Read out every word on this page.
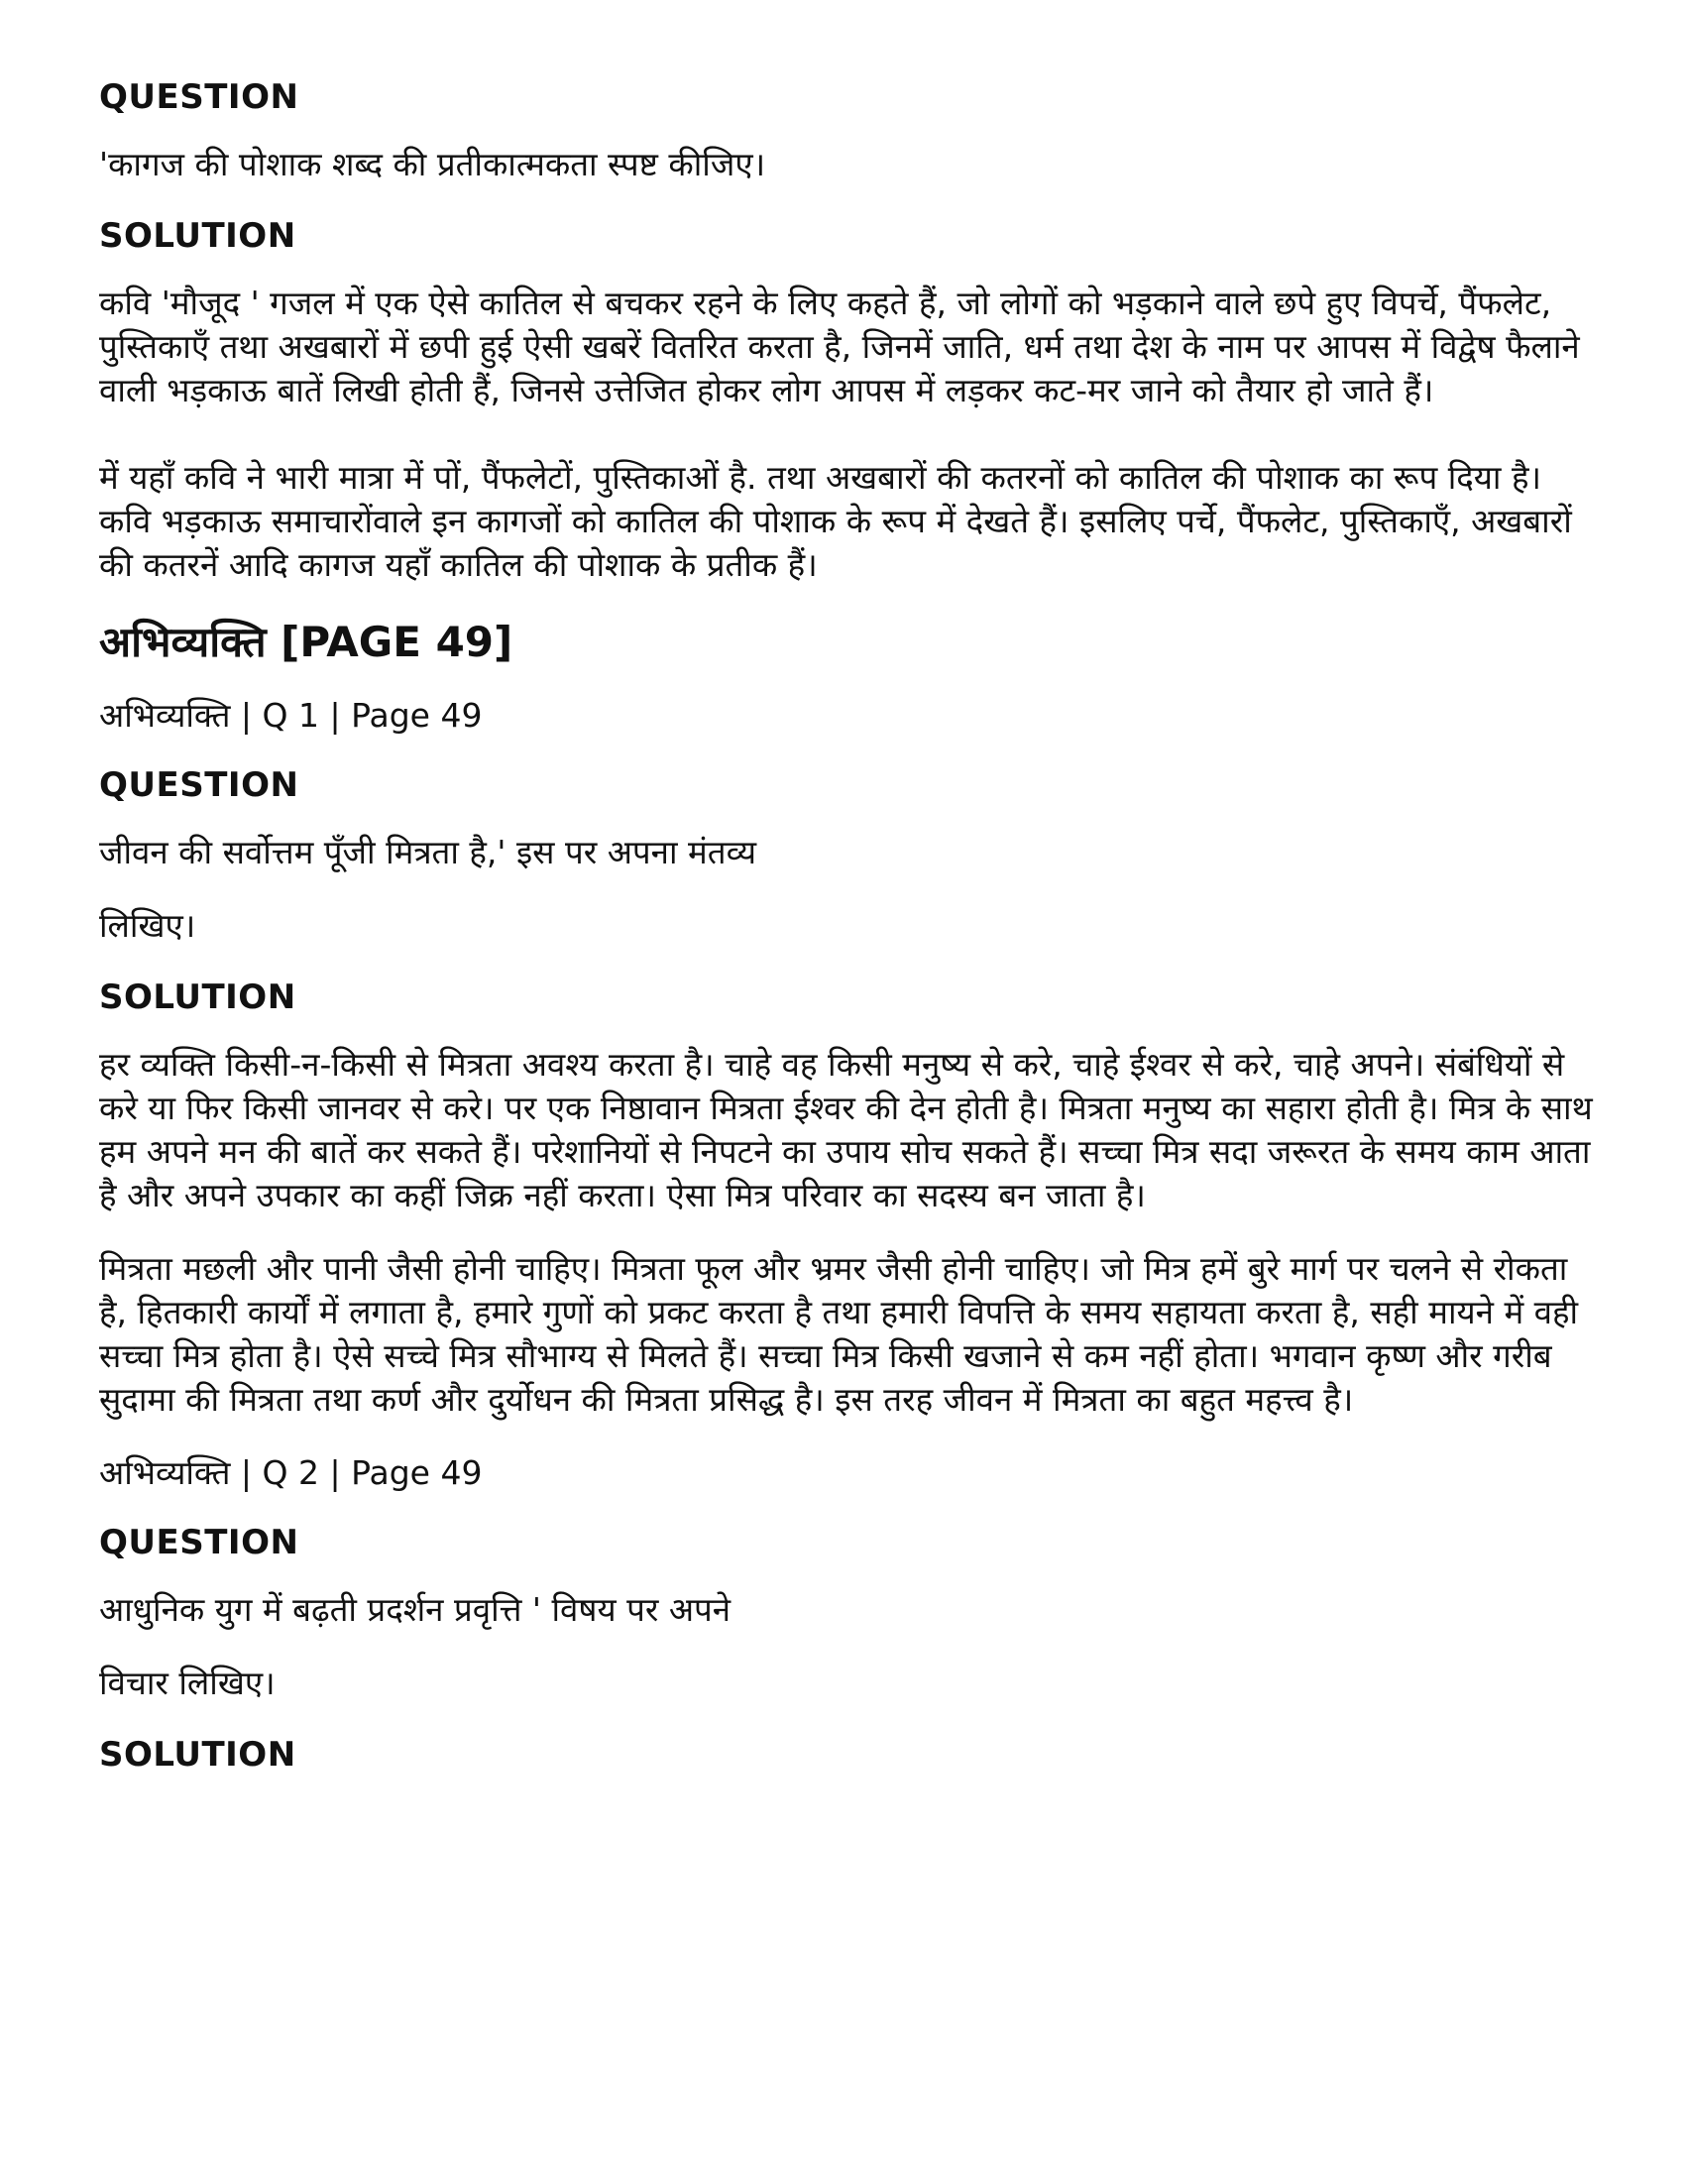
QUESTION
'कागज की पोशाक शब्द की प्रतीकात्मकता स्पष्ट कीजिए।
SOLUTION
कवि 'मौजूद ' गजल में एक ऐसे कातिल से बचकर रहने के लिए कहते हैं, जो लोगों को भड़काने वाले छपे हुए विपर्चे, पैंफलेट, पुस्तिकाएँ तथा अखबारों में छपी हुई ऐसी खबरें वितरित करता है, जिनमें जाति, धर्म तथा देश के नाम पर आपस में विद्वेष फैलाने वाली भड़काऊ बातें लिखी होती हैं, जिनसे उत्तेजित होकर लोग आपस में लड़कर कट-मर जाने को तैयार हो जाते हैं।
में यहाँ कवि ने भारी मात्रा में पों, पैंफलेटों, पुस्तिकाओं है. तथा अखबारों की कतरनों को कातिल की पोशाक का रूप दिया है। कवि भड़काऊ समाचारोंवाले इन कागजों को कातिल की पोशाक के रूप में देखते हैं। इसलिए पर्चे, पैंफलेट, पुस्तिकाएँ, अखबारों की कतरनें आदि कागज यहाँ कातिल की पोशाक के प्रतीक हैं।
अभिव्यक्ति [PAGE 49]
अभिव्यक्ति | Q 1 | Page 49
QUESTION
जीवन की सर्वोत्तम पूँजी मित्रता है,' इस पर अपना मंतव्य
लिखिए।
SOLUTION
हर व्यक्ति किसी-न-किसी से मित्रता अवश्य करता है। चाहे वह किसी मनुष्य से करे, चाहे ईश्वर से करे, चाहे अपने। संबंधियों से करे या फिर किसी जानवर से करे। पर एक निष्ठावान मित्रता ईश्वर की देन होती है। मित्रता मनुष्य का सहारा होती है। मित्र के साथ हम अपने मन की बातें कर सकते हैं। परेशानियों से निपटने का उपाय सोच सकते हैं। सच्चा मित्र सदा जरूरत के समय काम आता है और अपने उपकार का कहीं जिक्र नहीं करता। ऐसा मित्र परिवार का सदस्य बन जाता है।
मित्रता मछली और पानी जैसी होनी चाहिए। मित्रता फूल और भ्रमर जैसी होनी चाहिए। जो मित्र हमें बुरे मार्ग पर चलने से रोकता है, हितकारी कार्यों में लगाता है, हमारे गुणों को प्रकट करता है तथा हमारी विपत्ति के समय सहायता करता है, सही मायने में वही सच्चा मित्र होता है। ऐसे सच्चे मित्र सौभाग्य से मिलते हैं। सच्चा मित्र किसी खजाने से कम नहीं होता। भगवान कृष्ण और गरीब सुदामा की मित्रता तथा कर्ण और दुर्योधन की मित्रता प्रसिद्ध है। इस तरह जीवन में मित्रता का बहुत महत्त्व है।
अभिव्यक्ति | Q 2 | Page 49
QUESTION
आधुनिक युग में बढ़ती प्रदर्शन प्रवृत्ति ' विषय पर अपने
विचार लिखिए।
SOLUTION
